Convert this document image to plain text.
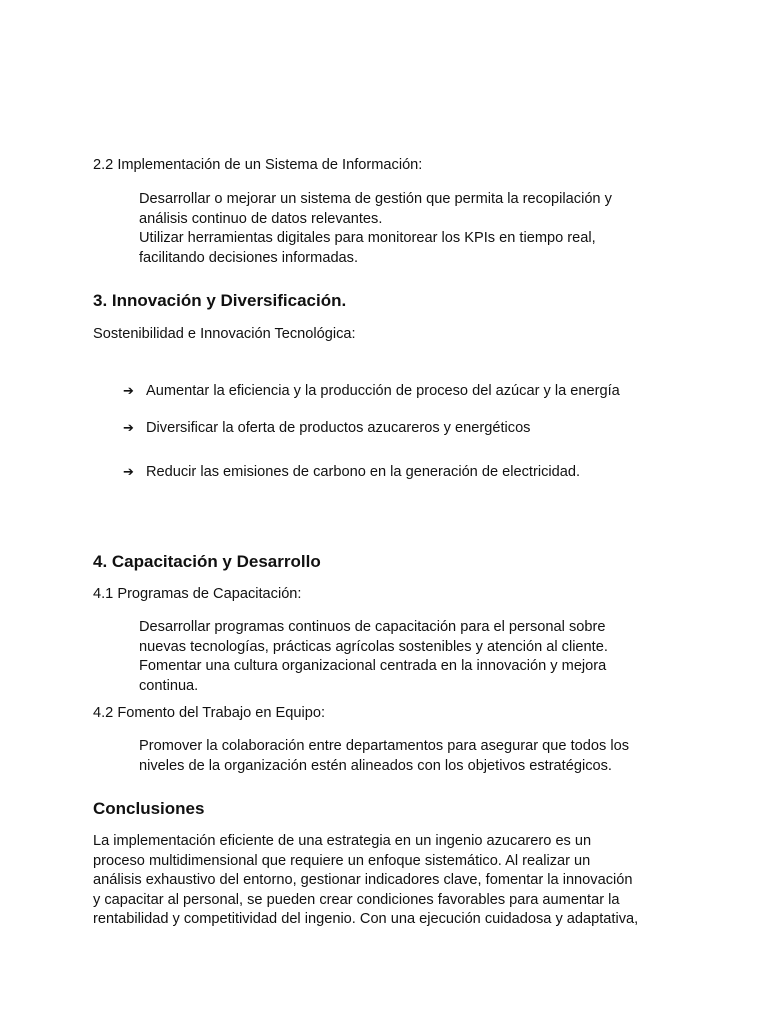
2.2 Implementación de un Sistema de Información:
Desarrollar o mejorar un sistema de gestión que permita la recopilación y
análisis continuo de datos relevantes.
Utilizar herramientas digitales para monitorear los KPIs en tiempo real,
facilitando decisiones informadas.
3. Innovación y Diversificación.
Sostenibilidad e Innovación Tecnológica:
➔ Aumentar la eficiencia y la producción de proceso del azúcar y la energía
➔ Diversificar la oferta de productos azucareros y energéticos
➔ Reducir las emisiones de carbono en la generación de electricidad.
4. Capacitación y Desarrollo
4.1 Programas de Capacitación:
Desarrollar programas continuos de capacitación para el personal sobre
nuevas tecnologías, prácticas agrícolas sostenibles y atención al cliente.
Fomentar una cultura organizacional centrada en la innovación y mejora
continua.
4.2 Fomento del Trabajo en Equipo:
Promover la colaboración entre departamentos para asegurar que todos los
niveles de la organización estén alineados con los objetivos estratégicos.
Conclusiones
La implementación eficiente de una estrategia en un ingenio azucarero es un
proceso multidimensional que requiere un enfoque sistemático. Al realizar un
análisis exhaustivo del entorno, gestionar indicadores clave, fomentar la innovación
y capacitar al personal, se pueden crear condiciones favorables para aumentar la
rentabilidad y competitividad del ingenio. Con una ejecución cuidadosa y adaptativa,
